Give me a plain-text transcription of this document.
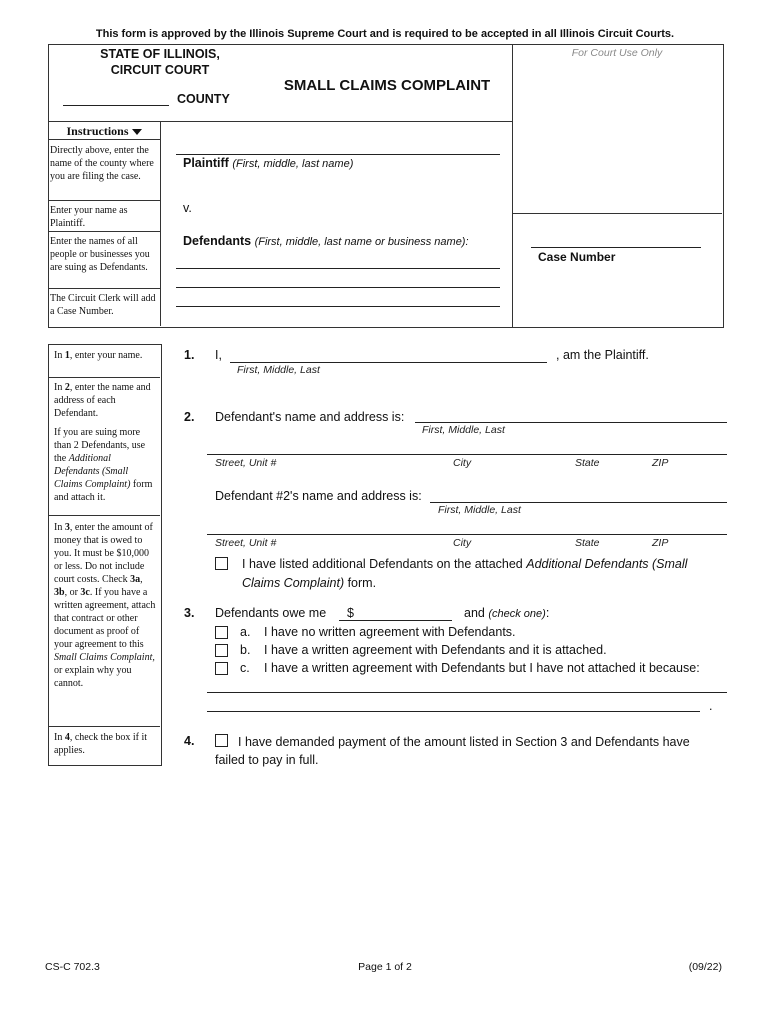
This form is approved by the Illinois Supreme Court and is required to be accepted in all Illinois Circuit Courts.
STATE OF ILLINOIS,
CIRCUIT COURT
COUNTY
SMALL CLAIMS COMPLAINT
For Court Use Only
Instructions
Directly above, enter the name of the county where you are filing the case.
Enter your name as Plaintiff.
Enter the names of all people or businesses you are suing as Defendants.
The Circuit Clerk will add a Case Number.
Plaintiff (First, middle, last name)
v.
Defendants (First, middle, last name or business name):
Case Number
In 1, enter your name.
In 2, enter the name and address of each Defendant.
If you are suing more than 2 Defendants, use the Additional Defendants (Small Claims Complaint) form and attach it.
In 3, enter the amount of money that is owed to you. It must be $10,000 or less. Do not include court costs. Check 3a, 3b, or 3c. If you have a written agreement, attach that contract or other document as proof of your agreement to this Small Claims Complaint, or explain why you cannot.
In 4, check the box if it applies.
1. I,	, am the Plaintiff.
First, Middle, Last
2. Defendant's name and address is:
First, Middle, Last
Street, Unit #	City	State	ZIP
Defendant #2's name and address is:
First, Middle, Last
Street, Unit #	City	State	ZIP
I have listed additional Defendants on the attached Additional Defendants (Small Claims Complaint) form.
3. Defendants owe me $	and (check one):
a. I have no written agreement with Defendants.
b. I have a written agreement with Defendants and it is attached.
c. I have a written agreement with Defendants but I have not attached it because:
.
4.	I have demanded payment of the amount listed in Section 3 and Defendants have failed to pay in full.
CS-C 702.3	Page 1 of 2	(09/22)
